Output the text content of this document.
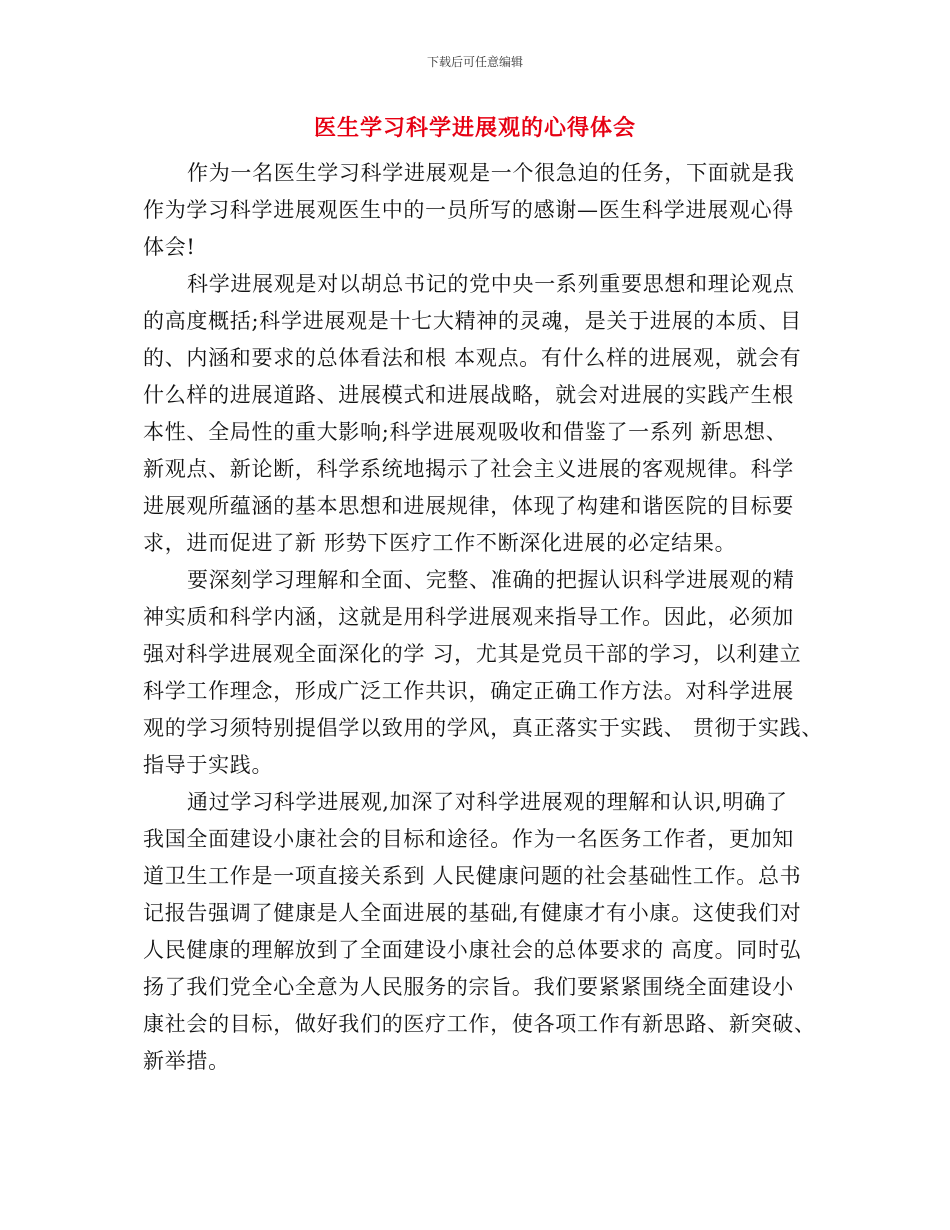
下载后可任意编辑
医生学习科学进展观的心得体会
作为一名医生学习科学进展观是一个很急迫的任务，下面就是我
作为学习科学进展观医生中的一员所写的感谢—医生科学进展观心得
体会!
科学进展观是对以胡总书记的党中央一系列重要思想和理论观点
的高度概括;科学进展观是十七大精神的灵魂，是关于进展的本质、目
的、内涵和要求的总体看法和根 本观点。有什么样的进展观，就会有
什么样的进展道路、进展模式和进展战略，就会对进展的实践产生根
本性、全局性的重大影响;科学进展观吸收和借鉴了一系列 新思想、
新观点、新论断，科学系统地揭示了社会主义进展的客观规律。科学
进展观所蕴涵的基本思想和进展规律，体现了构建和谐医院的目标要
求，进而促进了新 形势下医疗工作不断深化进展的必定结果。
要深刻学习理解和全面、完整、准确的把握认识科学进展观的精
神实质和科学内涵，这就是用科学进展观来指导工作。因此，必须加
强对科学进展观全面深化的学 习，尤其是党员干部的学习，以利建立
科学工作理念，形成广泛工作共识，确定正确工作方法。对科学进展
观的学习须特别提倡学以致用的学风，真正落实于实践、 贯彻于实践、
指导于实践。
通过学习科学进展观,加深了对科学进展观的理解和认识,明确了
我国全面建设小康社会的目标和途径。作为一名医务工作者，更加知
道卫生工作是一项直接关系到 人民健康问题的社会基础性工作。总书
记报告强调了健康是人全面进展的基础,有健康才有小康。这使我们对
人民健康的理解放到了全面建设小康社会的总体要求的 高度。同时弘
扬了我们党全心全意为人民服务的宗旨。我们要紧紧围绕全面建设小
康社会的目标，做好我们的医疗工作，使各项工作有新思路、新突破、
新举措。
